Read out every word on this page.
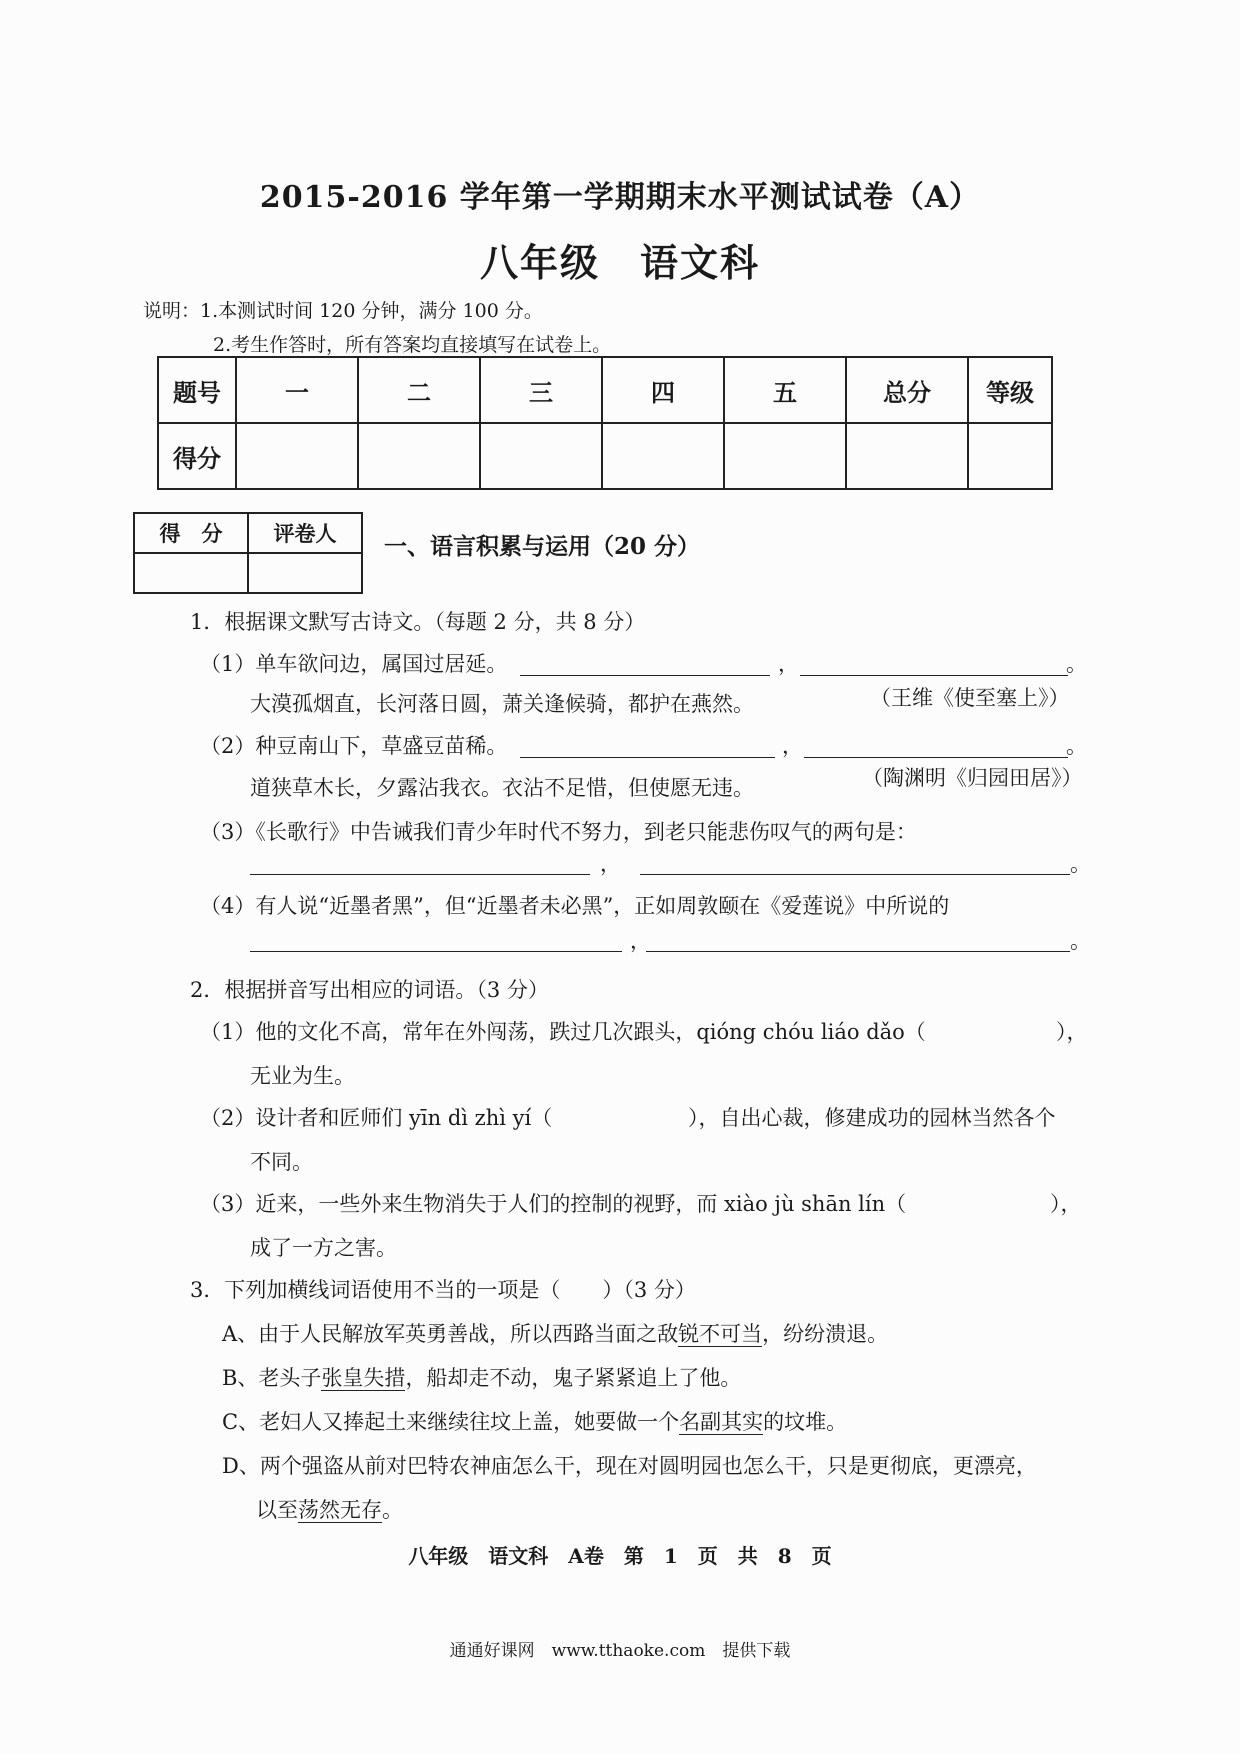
2015-2016 学年第一学期期末水平测试试卷（A）
八年级　语文科
说明：1.本测试时间 120 分钟，满分 100 分。
2.考生作答时，所有答案均直接填写在试卷上。
题号	一	二	三	四	五	总分	等级
得分							
得　分	评卷人
	一、语言积累与运用（20 分）
1．根据课文默写古诗文。（每题 2 分，共 8 分）
（1）单车欲问边，属国过居延。	，	。
大漠孤烟直，长河落日圆，萧关逢候骑，都护在燕然。	（王维《使至塞上》）
（2）种豆南山下，草盛豆苗稀。	，	。
道狭草木长，夕露沾我衣。衣沾不足惜，但使愿无违。	（陶渊明《归园田居》）
（3）《长歌行》中告诫我们青少年时代不努力，到老只能悲伤叹气的两句是：
，	。
（4）有人说“近墨者黑”，但“近墨者未必黑”，正如周敦颐在《爱莲说》中所说的
，	。
2．根据拼音写出相应的词语。（3 分）
（1）他的文化不高，常年在外闯荡，跌过几次跟头，qióng chóu liáo dǎo（	），
无业为生。
（2）设计者和匠师们 yīn dì zhì yí（	），自出心裁，修建成功的园林当然各个
不同。
（3）近来，一些外来生物消失于人们的控制的视野，而 xiào jù shān lín（	），
成了一方之害。
3．下列加横线词语使用不当的一项是（　　）（3 分）
A、由于人民解放军英勇善战，所以西路当面之敌锐不可当，纷纷溃退。
B、老头子张皇失措，船却走不动，鬼子紧紧追上了他。
C、老妇人又捧起土来继续往坟上盖，她要做一个名副其实的坟堆。
D、两个强盗从前对巴特农神庙怎么干，现在对圆明园也怎么干，只是更彻底，更漂亮，
以至荡然无存。
八年级　语文科　A卷　第　1　页　共　8　页
通通好课网　www.tthaoke.com　提供下载
